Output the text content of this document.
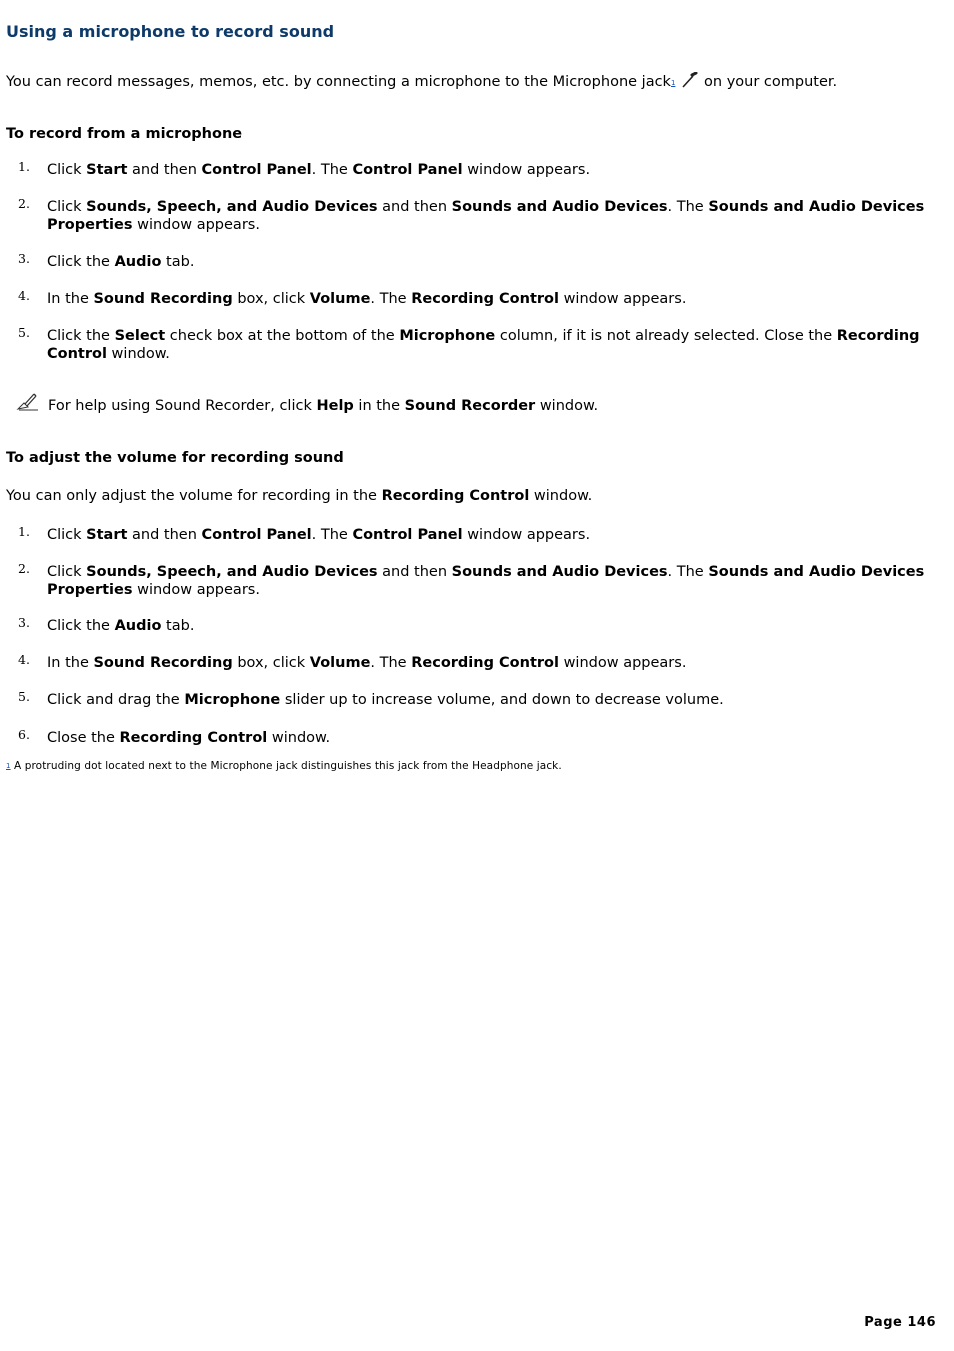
Using a microphone to record sound
You can record messages, memos, etc. by connecting a microphone to the Microphone jack1 on your computer.
To record from a microphone
1. Click Start and then Control Panel. The Control Panel window appears.
2. Click Sounds, Speech, and Audio Devices and then Sounds and Audio Devices. The Sounds and Audio Devices Properties window appears.
3. Click the Audio tab.
4. In the Sound Recording box, click Volume. The Recording Control window appears.
5. Click the Select check box at the bottom of the Microphone column, if it is not already selected. Close the Recording Control window.
For help using Sound Recorder, click Help in the Sound Recorder window.
To adjust the volume for recording sound
You can only adjust the volume for recording in the Recording Control window.
1. Click Start and then Control Panel. The Control Panel window appears.
2. Click Sounds, Speech, and Audio Devices and then Sounds and Audio Devices. The Sounds and Audio Devices Properties window appears.
3. Click the Audio tab.
4. In the Sound Recording box, click Volume. The Recording Control window appears.
5. Click and drag the Microphone slider up to increase volume, and down to decrease volume.
6. Close the Recording Control window.
1 A protruding dot located next to the Microphone jack distinguishes this jack from the Headphone jack.
Page 146
